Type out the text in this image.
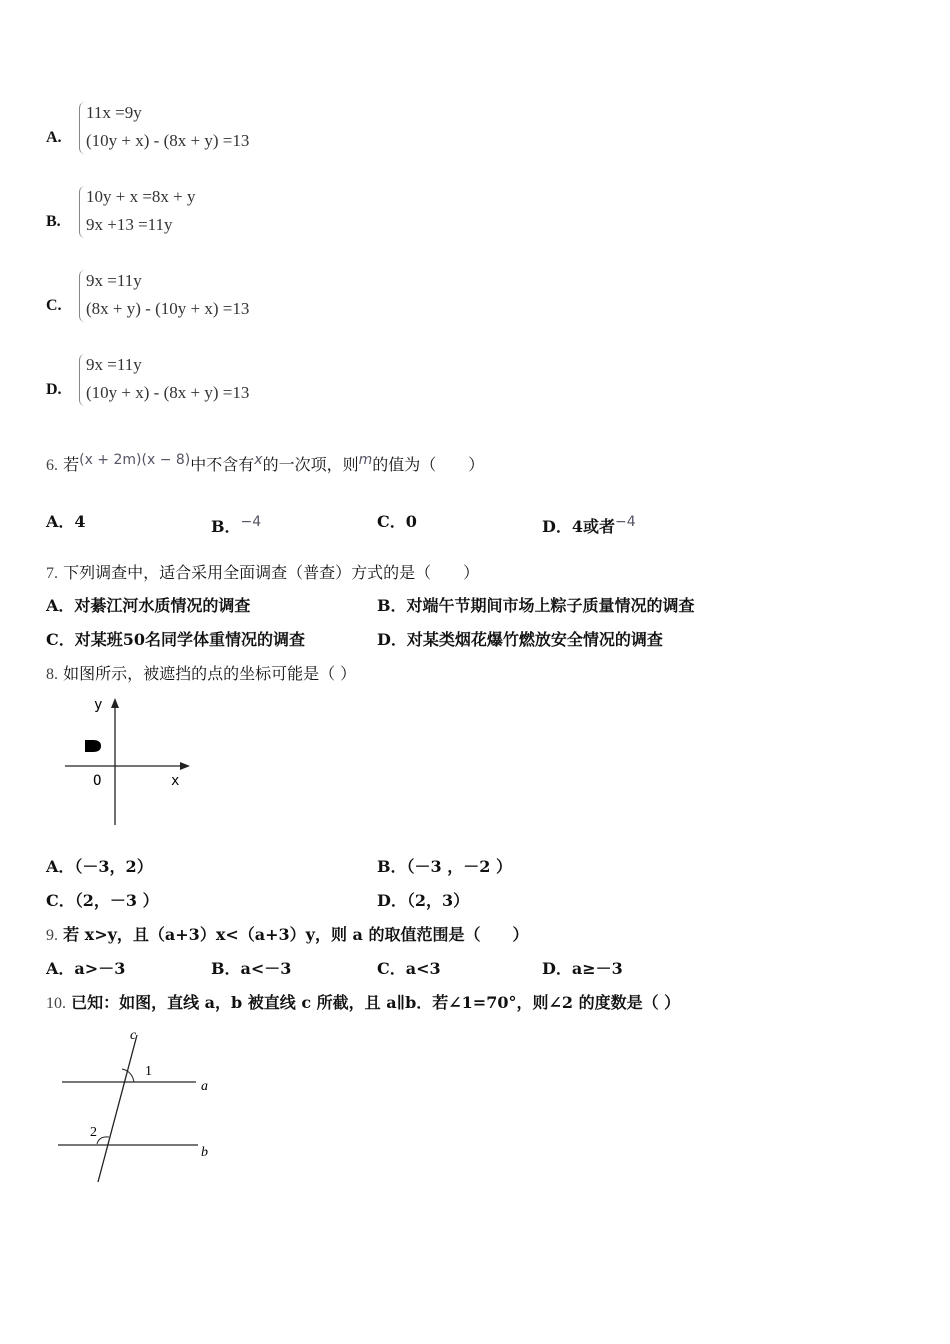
A.
11x =9y
(10y + x) - (8x + y) =13
B.
10y + x =8x + y
9x +13 =11y
C.
9x =11y
(8x + y) - (10y + x) =13
D.
9x =11y
(10y + x) - (8x + y) =13
6. 若(x + 2m)(x − 8)中不含有x的一次项，则m的值为（　　）
A．4	B．−4	C．0	D．4或者−4
7. 下列调查中，适合采用全面调查（普查）方式的是（　　）
A．对綦江河水质情况的调查	B．对端午节期间市场上粽子质量情况的调查
C．对某班50名同学体重情况的调查	D．对某类烟花爆竹燃放安全情况的调查
8. 如图所示，被遮挡的点的坐标可能是（ ）
y
O	x
A．（－3，2）	B．（－3 ，－2 ）
C．（2，－3 ）	D．（2，3）
9. 若 x>y，且（a+3）x<（a+3）y，则 a 的取值范围是（　　）
A．a>－3	B．a<－3	C．a<3	D．a≥－3
10. 已知：如图，直线 a，b 被直线 c 所截，且 a∥b．若∠1=70°，则∠2 的度数是（ ）
c
1
a
2
b
